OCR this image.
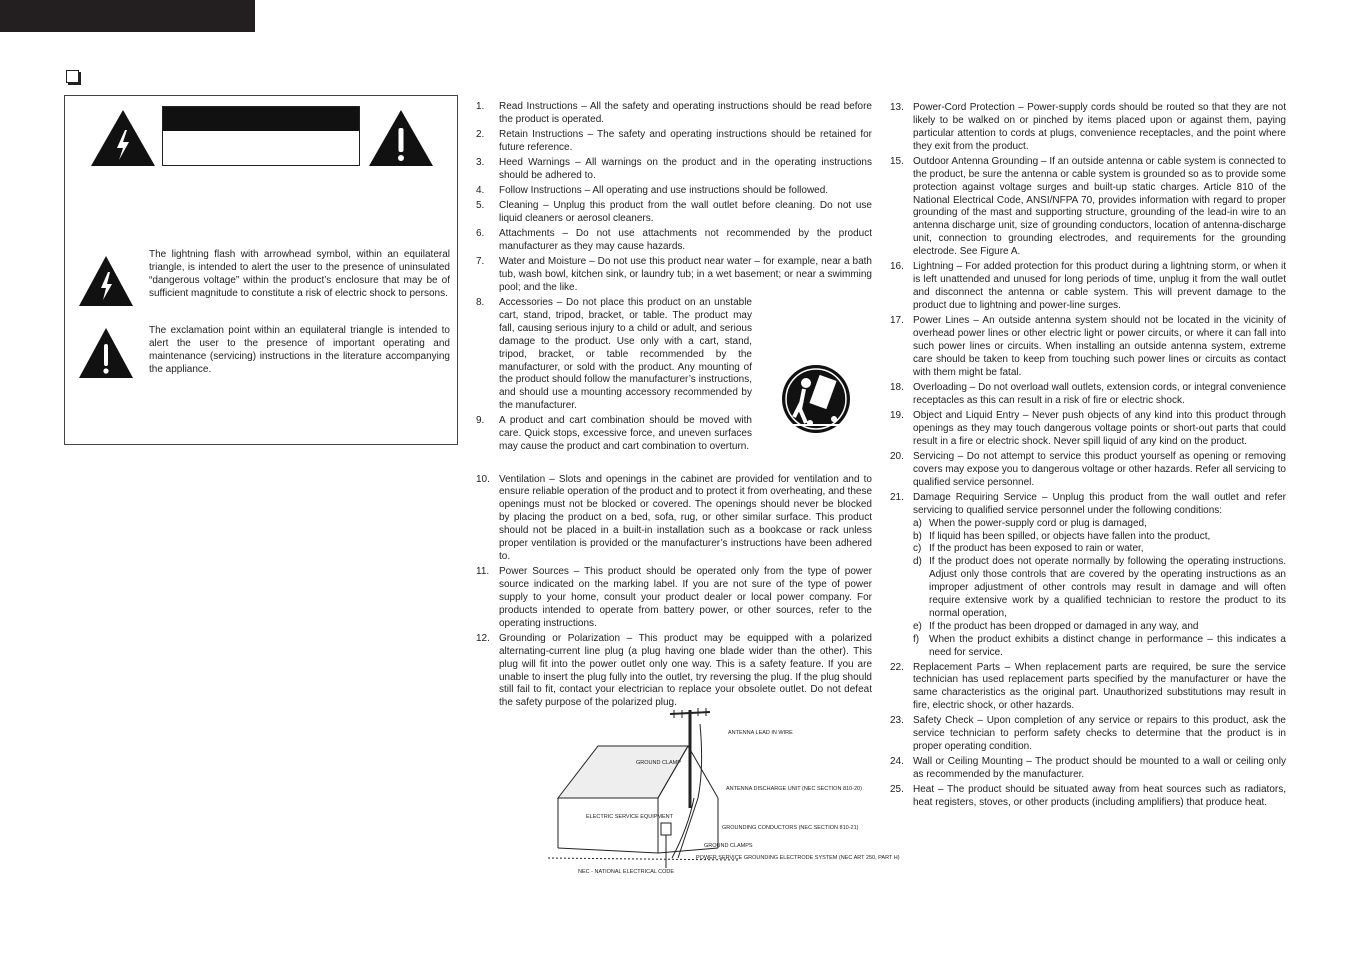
The lightning flash with arrowhead symbol, within an equilateral triangle, is intended to alert the user to the presence of uninsulated “dangerous voltage” within the product’s enclosure that may be of sufficient magnitude to constitute a risk of electric shock to persons.
The exclamation point within an equilateral triangle is intended to alert the user to the presence of important operating and maintenance (servicing) instructions in the literature accompanying the appliance.
1.	Read Instructions – All the safety and operating instructions should be read before the product is operated.
2.	Retain Instructions – The safety and operating instructions should be retained for future reference.
3.	Heed Warnings – All warnings on the product and in the operating instructions should be adhered to.
4.	Follow Instructions – All operating and use instructions should be followed.
5.	Cleaning – Unplug this product from the wall outlet before cleaning. Do not use liquid cleaners or aerosol cleaners.
6.	Attachments – Do not use attachments not recommended by the product manufacturer as they may cause hazards.
7.	Water and Moisture – Do not use this product near water – for example, near a bath tub, wash bowl, kitchen sink, or laundry tub; in a wet basement; or near a swimming pool; and the like.
8.	Accessories – Do not place this product on an unstable cart, stand, tripod, bracket, or table. The product may fall, causing serious injury to a child or adult, and serious damage to the product. Use only with a cart, stand, tripod, bracket, or table recommended by the manufacturer, or sold with the product. Any mounting of the product should follow the manufacturer’s instructions, and should use a mounting accessory recommended by the manufacturer.
9.	A product and cart combination should be moved with care. Quick stops, excessive force, and uneven surfaces may cause the product and cart combination to overturn.
10. Ventilation – Slots and openings in the cabinet are provided for ventilation and to ensure reliable operation of the product and to protect it from overheating, and these openings must not be blocked or covered. The openings should never be blocked by placing the product on a bed, sofa, rug, or other similar surface. This product should not be placed in a built-in installation such as a bookcase or rack unless proper ventilation is provided or the manufacturer’s instructions have been adhered to.
11. Power Sources – This product should be operated only from the type of power source indicated on the marking label. If you are not sure of the type of power supply to your home, consult your product dealer or local power company. For products intended to operate from battery power, or other sources, refer to the operating instructions.
12. Grounding or Polarization – This product may be equipped with a polarized alternating-current line plug (a plug having one blade wider than the other). This plug will fit into the power outlet only one way. This is a safety feature. If you are unable to insert the plug fully into the outlet, try reversing the plug. If the plug should still fail to fit, contact your electrician to replace your obsolete outlet. Do not defeat the safety purpose of the polarized plug.
ANTENNA LEAD IN WIRE
GROUND CLAMP
ANTENNA DISCHARGE UNIT (NEC SECTION 810-20)
ELECTRIC SERVICE EQUIPMENT
GROUNDING CONDUCTORS (NEC SECTION 810-21)
GROUND CLAMPS
POWER SERVICE GROUNDING ELECTRODE SYSTEM (NEC ART 250, PART H)
NEC - NATIONAL ELECTRICAL CODE
13. Power-Cord Protection – Power-supply cords should be routed so that they are not likely to be walked on or pinched by items placed upon or against them, paying particular attention to cords at plugs, convenience receptacles, and the point where they exit from the product.
15. Outdoor Antenna Grounding – If an outside antenna or cable system is connected to the product, be sure the antenna or cable system is grounded so as to provide some protection against voltage surges and built-up static charges. Article 810 of the National Electrical Code, ANSI/NFPA 70, provides information with regard to proper grounding of the mast and supporting structure, grounding of the lead-in wire to an antenna discharge unit, size of grounding conductors, location of antenna-discharge unit, connection to grounding electrodes, and requirements for the grounding electrode. See Figure A.
16. Lightning – For added protection for this product during a lightning storm, or when it is left unattended and unused for long periods of time, unplug it from the wall outlet and disconnect the antenna or cable system. This will prevent damage to the product due to lightning and power-line surges.
17. Power Lines – An outside antenna system should not be located in the vicinity of overhead power lines or other electric light or power circuits, or where it can fall into such power lines or circuits. When installing an outside antenna system, extreme care should be taken to keep from touching such power lines or circuits as contact with them might be fatal.
18. Overloading – Do not overload wall outlets, extension cords, or integral convenience receptacles as this can result in a risk of fire or electric shock.
19. Object and Liquid Entry – Never push objects of any kind into this product through openings as they may touch dangerous voltage points or short-out parts that could result in a fire or electric shock. Never spill liquid of any kind on the product.
20. Servicing – Do not attempt to service this product yourself as opening or removing covers may expose you to dangerous voltage or other hazards. Refer all servicing to qualified service personnel.
21. Damage Requiring Service – Unplug this product from the wall outlet and refer servicing to qualified service personnel under the following conditions:
a) When the power-supply cord or plug is damaged,
b) If liquid has been spilled, or objects have fallen into the product,
c) If the product has been exposed to rain or water,
d) If the product does not operate normally by following the operating instructions. Adjust only those controls that are covered by the operating instructions as an improper adjustment of other controls may result in damage and will often require extensive work by a qualified technician to restore the product to its normal operation,
e) If the product has been dropped or damaged in any way, and
f) When the product exhibits a distinct change in performance – this indicates a need for service.
22. Replacement Parts – When replacement parts are required, be sure the service technician has used replacement parts specified by the manufacturer or have the same characteristics as the original part. Unauthorized substitutions may result in fire, electric shock, or other hazards.
23. Safety Check – Upon completion of any service or repairs to this product, ask the service technician to perform safety checks to determine that the product is in proper operating condition.
24. Wall or Ceiling Mounting – The product should be mounted to a wall or ceiling only as recommended by the manufacturer.
25. Heat – The product should be situated away from heat sources such as radiators, heat registers, stoves, or other products (including amplifiers) that produce heat.
